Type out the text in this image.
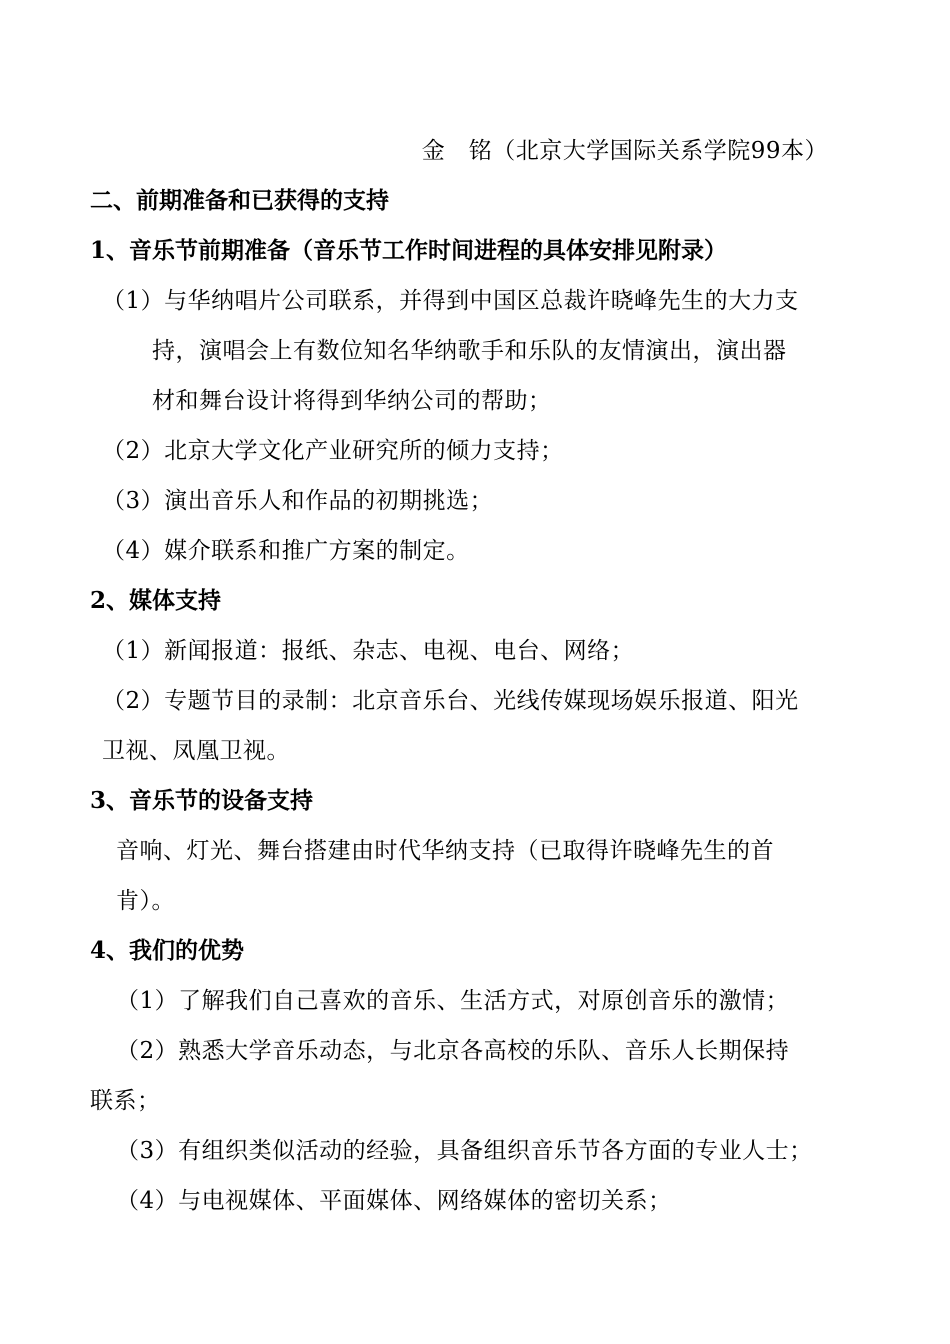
金　铭（北京大学国际关系学院99本）
二、前期准备和已获得的支持
1、音乐节前期准备（音乐节工作时间进程的具体安排见附录）
（1）与华纳唱片公司联系，并得到中国区总裁许晓峰先生的大力支
持，演唱会上有数位知名华纳歌手和乐队的友情演出，演出器
材和舞台设计将得到华纳公司的帮助；
（2）北京大学文化产业研究所的倾力支持；
（3）演出音乐人和作品的初期挑选；
（4）媒介联系和推广方案的制定。
2、媒体支持
（1）新闻报道：报纸、杂志、电视、电台、网络；
（2）专题节目的录制：北京音乐台、光线传媒现场娱乐报道、阳光
卫视、凤凰卫视。
3、音乐节的设备支持
音响、灯光、舞台搭建由时代华纳支持（已取得许晓峰先生的首
肯）。
4、我们的优势
（1）了解我们自己喜欢的音乐、生活方式，对原创音乐的激情；
（2）熟悉大学音乐动态，与北京各高校的乐队、音乐人长期保持
联系；
（3）有组织类似活动的经验，具备组织音乐节各方面的专业人士；
（4）与电视媒体、平面媒体、网络媒体的密切关系；
